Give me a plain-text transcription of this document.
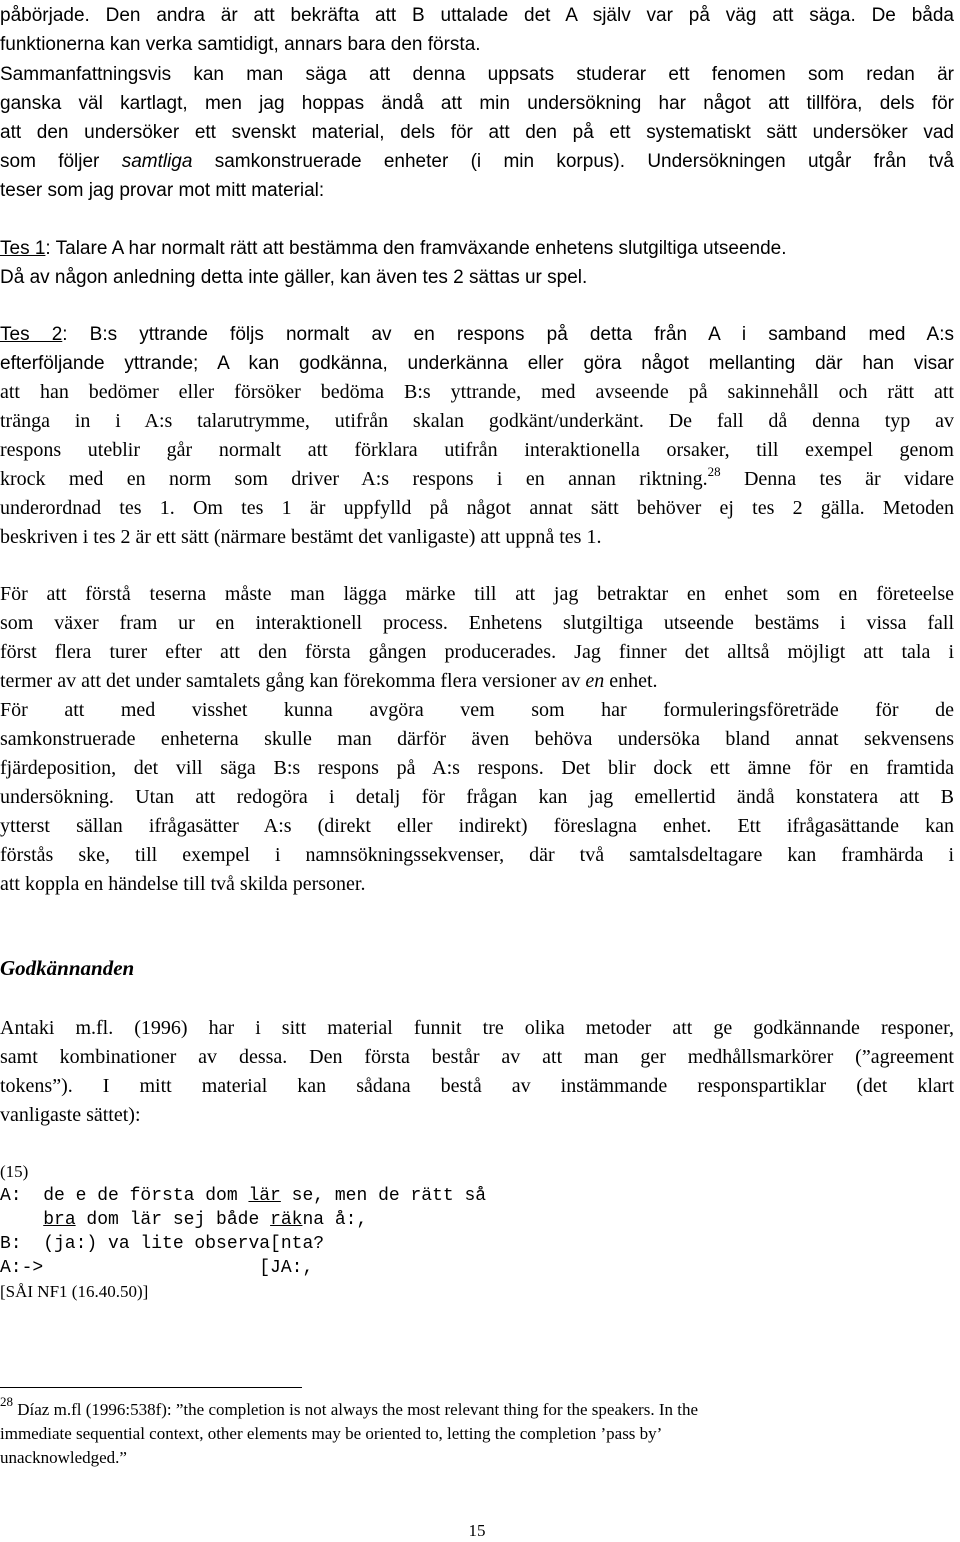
påbörjade. Den andra är att bekräfta att B uttalade det A själv var på väg att säga. De båda
funktionerna kan verka samtidigt, annars bara den första.
Sammanfattningsvis kan man säga att denna uppsats studerar ett fenomen som redan är
ganska väl kartlagt, men jag hoppas ändå att min undersökning har något att tillföra, dels för
att den undersöker ett svenskt material, dels för att den på ett systematiskt sätt undersöker vad
som följer samtliga samkonstruerade enheter (i min korpus). Undersökningen utgår från två
teser som jag provar mot mitt material:
Tes 1: Talare A har normalt rätt att bestämma den framväxande enhetens slutgiltiga utseende.
Då av någon anledning detta inte gäller, kan även tes 2 sättas ur spel.
Tes 2: B:s yttrande följs normalt av en respons på detta från A i samband med A:s
efterföljande yttrande; A kan godkänna, underkänna eller göra något mellanting där han visar
att han bedömer eller försöker bedöma B:s yttrande, med avseende på sakinnehåll och rätt att
tränga in i A:s talarutrymme, utifrån skalan godkänt/underkänt. De fall då denna typ av
respons uteblir går normalt att förklara utifrån interaktionella orsaker, till exempel genom
krock med en norm som driver A:s respons i en annan riktning.$^{28}$ Denna tes är vidare
underordnad tes 1. Om tes 1 är uppfylld på något annat sätt behöver ej tes 2 gälla. Metoden
beskriven i tes 2 är ett sätt (närmare bestämt det vanligaste) att uppnå tes 1.
För att förstå teserna måste man lägga märke till att jag betraktar en enhet som en företeelse
som växer fram ur en interaktionell process. Enhetens slutgiltiga utseende bestäms i vissa fall
först flera turer efter att den första gången producerades. Jag finner det alltså möjligt att tala i
termer av att det under samtalets gång kan förekomma flera versioner av en enhet.
För att med visshet kunna avgöra vem som har formuleringsföreträde för de
samkonstruerade enheterna skulle man därför även behöva undersöka bland annat sekvensens
fjärdeposition, det vill säga B:s respons på A:s respons. Det blir dock ett ämne för en framtida
undersökning. Utan att redogöra i detalj för frågan kan jag emellertid ändå konstatera att B
ytterst sällan ifrågasätter A:s (direkt eller indirekt) föreslagna enhet. Ett ifrågasättande kan
förstås ske, till exempel i namnsökningssekvenser, där två samtalsdeltagare kan framhärda i
att koppla en händelse till två skilda personer.
Godkännanden
Antaki m.fl. (1996) har i sitt material funnit tre olika metoder att ge godkännande responer,
samt kombinationer av dessa. Den första består av att man ger medhållsmarkörer (”agreement
tokens”). I mitt material kan sådana bestå av instämmande responspartiklar (det klart
vanligaste sättet):
(15)
A:  de e de första dom lär se, men de rätt så
bra dom lär sej både räkna å:,
B:  (ja:) va lite observa[nta?
A:->                    [JA:,
[SÅI NF1 (16.40.50)]
$^{28}$ Díaz m.fl (1996:538f): ”the completion is not always the most relevant thing for the speakers. In the
immediate sequential context, other elements may be oriented to, letting the completion ’pass by’
unacknowledged.”
15
